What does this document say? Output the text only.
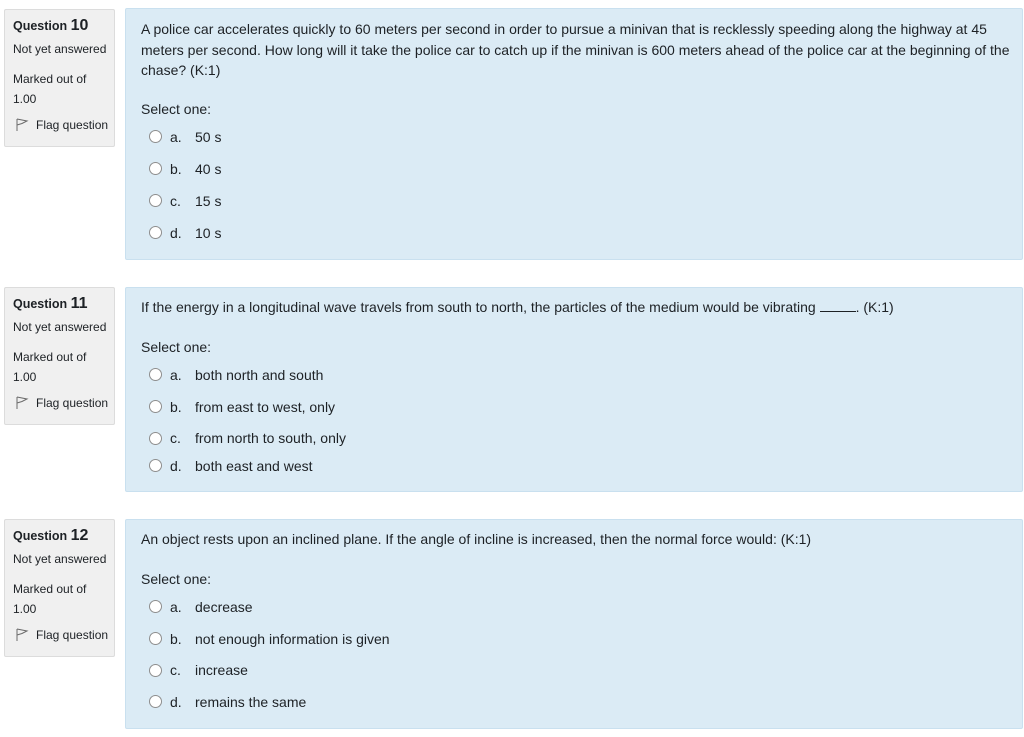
Question 10
Not yet answered
Marked out of
1.00
Flag question
A police car accelerates quickly to 60 meters per second in order to pursue a minivan that is recklessly speeding along the highway at 45 meters per second. How long will it take the police car to catch up if the minivan is 600 meters ahead of the police car at the beginning of the chase? (K:1)
Select one:
a. 50 s
b. 40 s
c.	15 s
d. 10 s
Question 11
Not yet answered
Marked out of
1.00
Flag question
If the energy in a longitudinal wave travels from south to north, the particles of the medium would be vibrating	. (K:1)
Select one:
a. both north and south
b. from east to west, only
c.	from north to south, only
d. both east and west
Question 12
Not yet answered
Marked out of
1.00
Flag question
An object rests upon an inclined plane. If the angle of incline is increased, then the normal force would: (K:1)
Select one:
a. decrease
b. not enough information is given
c.	increase
d. remains the same
